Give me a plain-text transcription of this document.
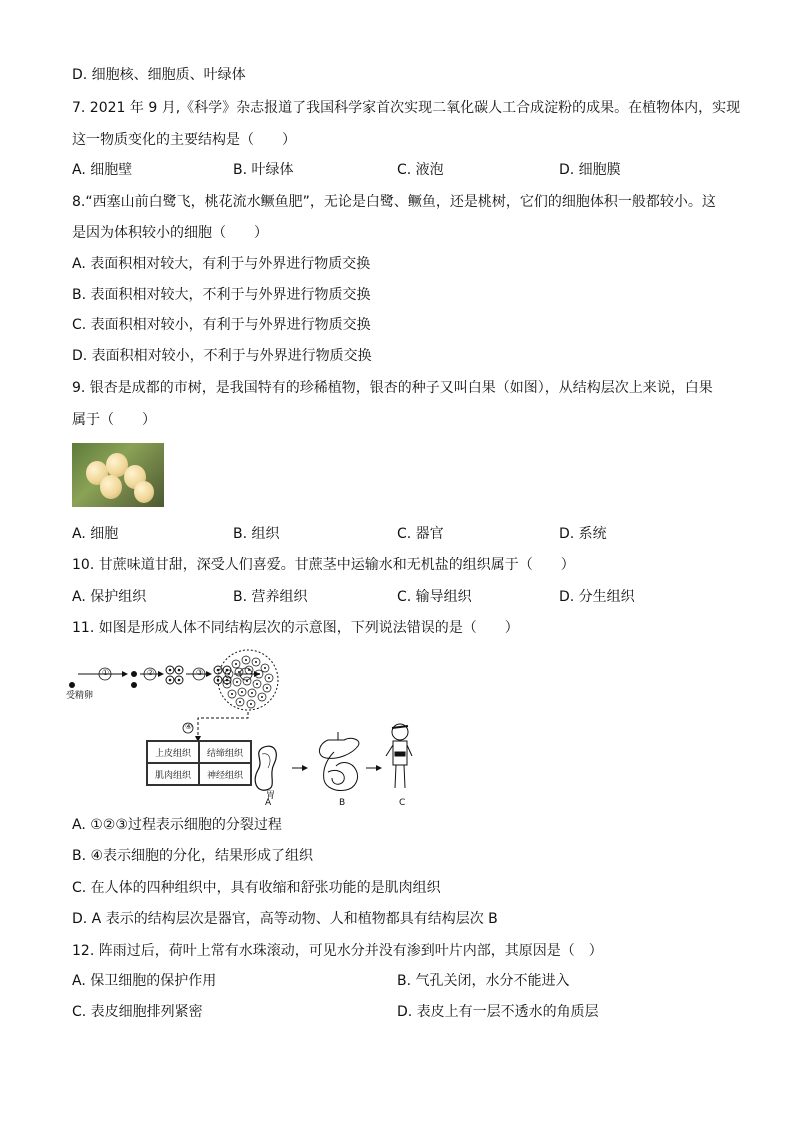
D. 细胞核、细胞质、叶绿体
7. 2021 年 9 月,《科学》杂志报道了我国科学家首次实现二氧化碳人工合成淀粉的成果。在植物体内，实现
这一物质变化的主要结构是（　　）
A. 细胞壁	B. 叶绿体	C. 液泡	D. 细胞膜
8.“西塞山前白鹭飞，桃花流水鳜鱼肥”，无论是白鹭、鳜鱼，还是桃树，它们的细胞体积一般都较小。这
是因为体积较小的细胞（　　）
A. 表面积相对较大，有利于与外界进行物质交换
B. 表面积相对较大，不利于与外界进行物质交换
C. 表面积相对较小，有利于与外界进行物质交换
D. 表面积相对较小，不利于与外界进行物质交换
9. 银杏是成都的市树，是我国特有的珍稀植物，银杏的种子又叫白果（如图），从结构层次上来说，白果
属于（　　）
A. 细胞	B. 组织	C. 器官	D. 系统
10. 甘蔗味道甘甜，深受人们喜爱。甘蔗茎中运输水和无机盐的组织属于（　　）
A. 保护组织	B. 营养组织	C. 输导组织	D. 分生组织
11. 如图是形成人体不同结构层次的示意图，下列说法错误的是（　　）
受精卵
①	②	③
④
上皮组织	结缔组织
肌肉组织	神经组织
胃
A	B	C
A. ①②③过程表示细胞的分裂过程
B. ④表示细胞的分化，结果形成了组织
C. 在人体的四种组织中，具有收缩和舒张功能的是肌肉组织
D. A 表示的结构层次是器官，高等动物、人和植物都具有结构层次 B
12. 阵雨过后，荷叶上常有水珠滚动，可见水分并没有渗到叶片内部，其原因是（　）
A. 保卫细胞的保护作用	B. 气孔关闭，水分不能进入
C. 表皮细胞排列紧密	D. 表皮上有一层不透水的角质层
